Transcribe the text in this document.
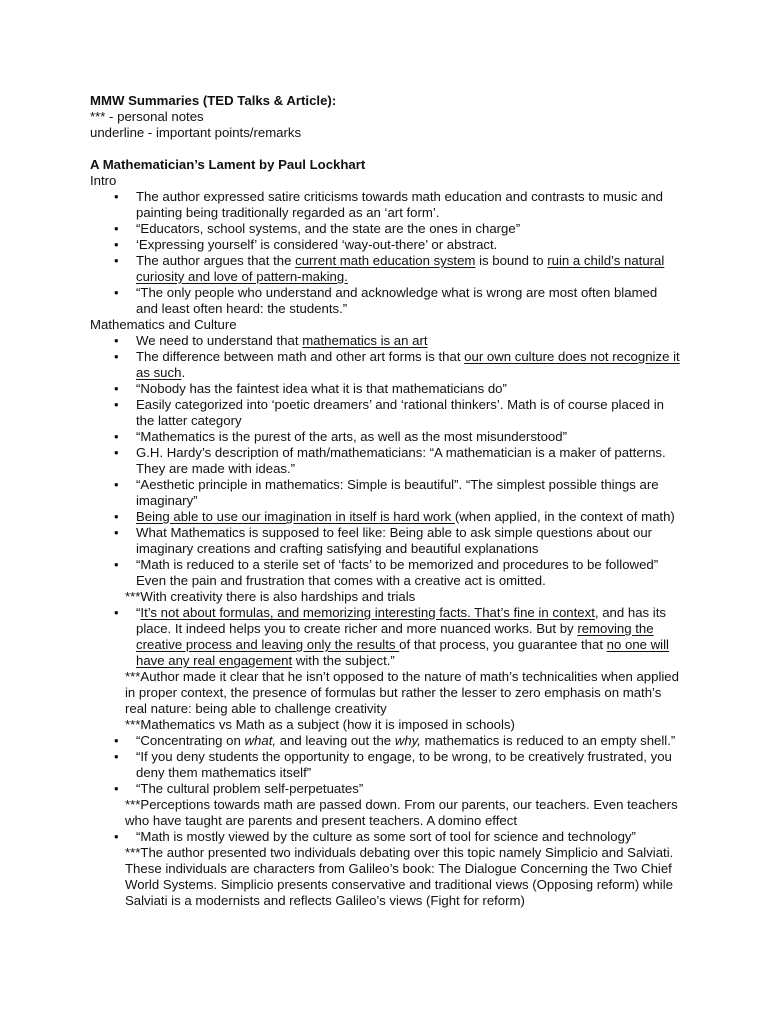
MMW Summaries (TED Talks & Article):
*** - personal notes
underline - important points/remarks
A Mathematician’s Lament by Paul Lockhart
Intro
• The author expressed satire criticisms towards math education and contrasts to music and painting being traditionally regarded as an ‘art form’.
• “Educators, school systems, and the state are the ones in charge”
• ‘Expressing yourself’ is considered ‘way-out-there’ or abstract.
• The author argues that the current math education system is bound to ruin a child’s natural curiosity and love of pattern-making.
• “The only people who understand and acknowledge what is wrong are most often blamed and least often heard: the students.”
Mathematics and Culture
• We need to understand that mathematics is an art
• The difference between math and other art forms is that our own culture does not recognize it as such.
• “Nobody has the faintest idea what it is that mathematicians do”
• Easily categorized into ‘poetic dreamers’ and ‘rational thinkers’. Math is of course placed in the latter category
• “Mathematics is the purest of the arts, as well as the most misunderstood”
• G.H. Hardy’s description of math/mathematicians: “A mathematician is a maker of patterns. They are made with ideas.”
• “Aesthetic principle in mathematics: Simple is beautiful”. “The simplest possible things are imaginary”
• Being able to use our imagination in itself is hard work (when applied, in the context of math)
• What Mathematics is supposed to feel like: Being able to ask simple questions about our imaginary creations and crafting satisfying and beautiful explanations
• “Math is reduced to a sterile set of ‘facts’ to be memorized and procedures to be followed” Even the pain and frustration that comes with a creative act is omitted.
***With creativity there is also hardships and trials
• “It’s not about formulas, and memorizing interesting facts. That’s fine in context, and has its place. It indeed helps you to create richer and more nuanced works. But by removing the creative process and leaving only the results of that process, you guarantee that no one will have any real engagement with the subject.”
***Author made it clear that he isn’t opposed to the nature of math’s technicalities when applied in proper context, the presence of formulas but rather the lesser to zero emphasis on math’s real nature: being able to challenge creativity
***Mathematics vs Math as a subject (how it is imposed in schools)
• “Concentrating on what, and leaving out the why, mathematics is reduced to an empty shell.”
• “If you deny students the opportunity to engage, to be wrong, to be creatively frustrated, you deny them mathematics itself”
• “The cultural problem self-perpetuates”
***Perceptions towards math are passed down. From our parents, our teachers. Even teachers who have taught are parents and present teachers. A domino effect
• “Math is mostly viewed by the culture as some sort of tool for science and technology”
***The author presented two individuals debating over this topic namely Simplicio and Salviati. These individuals are characters from Galileo’s book: The Dialogue Concerning the Two Chief World Systems. Simplicio presents conservative and traditional views (Opposing reform) while Salviati is a modernists and reflects Galileo’s views (Fight for reform)
